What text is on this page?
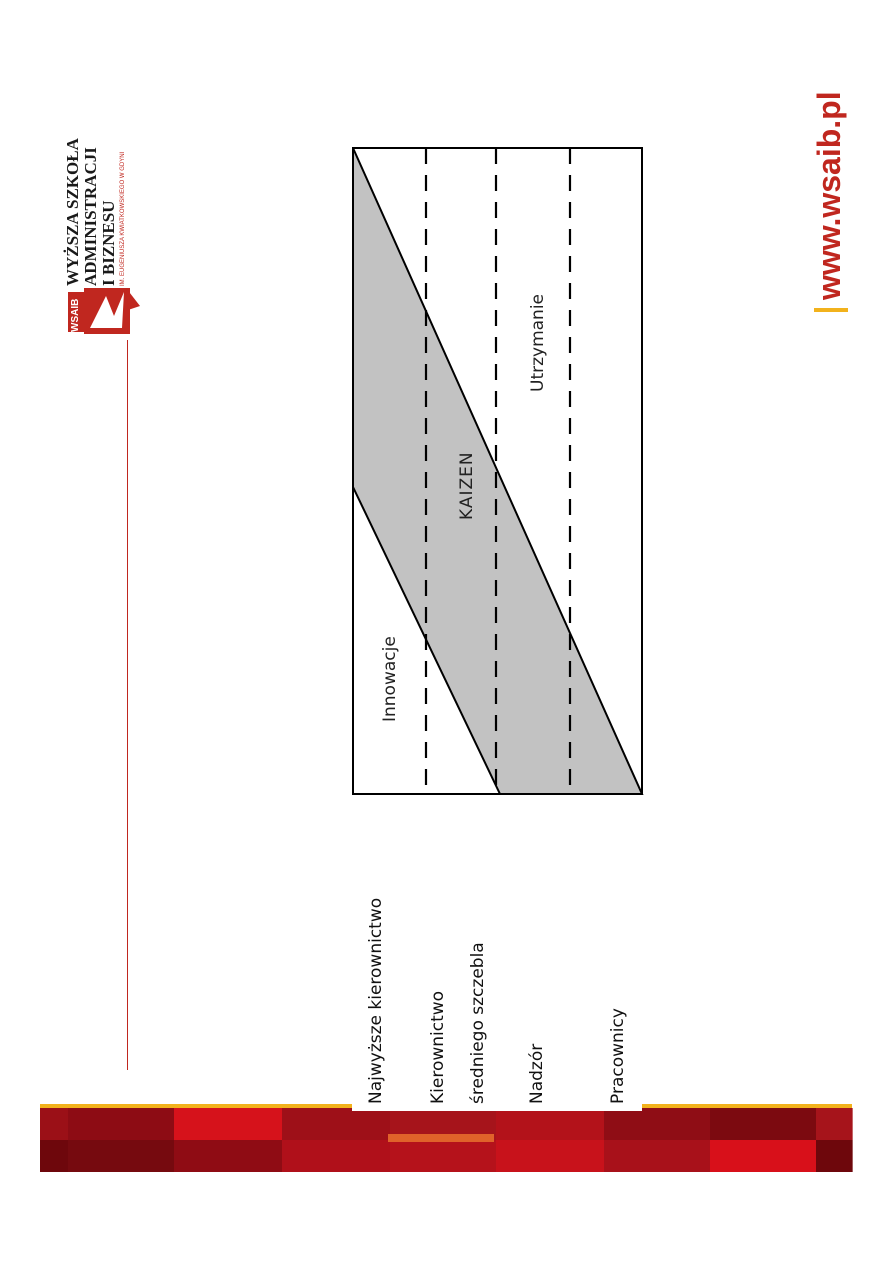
WSAIB
WYŻSZA SZKOŁA ADMINISTRACJI I BIZNESU IM. EUGENIUSZA KWIATKOWSKIEGO W GDYNI	www.wsaib.pl
Innowacje
KAIZEN
Utrzymanie
Najwyższe kierownictwo Kierownictwo średniego szczebla Nadzór	Pracownicy
